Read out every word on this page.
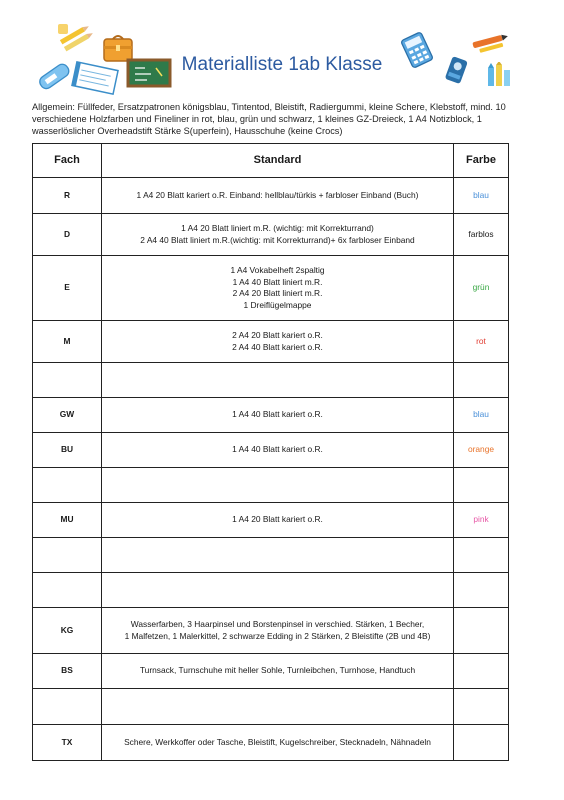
Materialliste 1ab Klasse
Allgemein: Füllfeder, Ersatzpatronen königsblau, Tintentod, Bleistift, Radiergummi, kleine Schere, Klebstoff, mind. 10 verschiedene Holzfarben und Fineliner in rot, blau, grün und schwarz, 1 kleines GZ-Dreieck, 1 A4 Notizblock, 1 wasserlöslicher Overheadstift Stärke S(uperfein), Hausschuhe (keine Crocs)
Fach	Standard	Farbe
R	1 A4 20 Blatt kariert o.R. Einband: hellblau/türkis + farbloser Einband (Buch)	blau
D	1 A4 20 Blatt liniert m.R. (wichtig: mit Korrekturrand)
2 A4 40 Blatt liniert m.R.(wichtig: mit Korrekturrand)+ 6x farbloser Einband	farblos
E	1 A4 Vokabelheft 2spaltig
1 A4 40 Blatt liniert m.R.
2 A4 20 Blatt liniert m.R.
1 Dreiflügelmappe	grün
M	2 A4 20 Blatt kariert o.R.
2 A4 40 Blatt kariert o.R.	rot

GW	1 A4 40 Blatt kariert o.R.	blau
BU	1 A4 40 Blatt kariert o.R.	orange

MU	1 A4 20 Blatt kariert o.R.	pink

KG	Wasserfarben, 3 Haarpinsel und Borstenpinsel in verschied. Stärken, 1 Becher,
1 Malfetzen, 1 Malerkittel, 2 schwarze Edding in 2 Stärken, 2 Bleistifte (2B und 4B)	

BS	Turnsack, Turnschuhe mit heller Sohle, Turnleibchen, Turnhose, Handtuch	

TX	Schere, Werkkoffer oder Tasche, Bleistift, Kugelschreiber, Stecknadeln, Nähnadeln	
